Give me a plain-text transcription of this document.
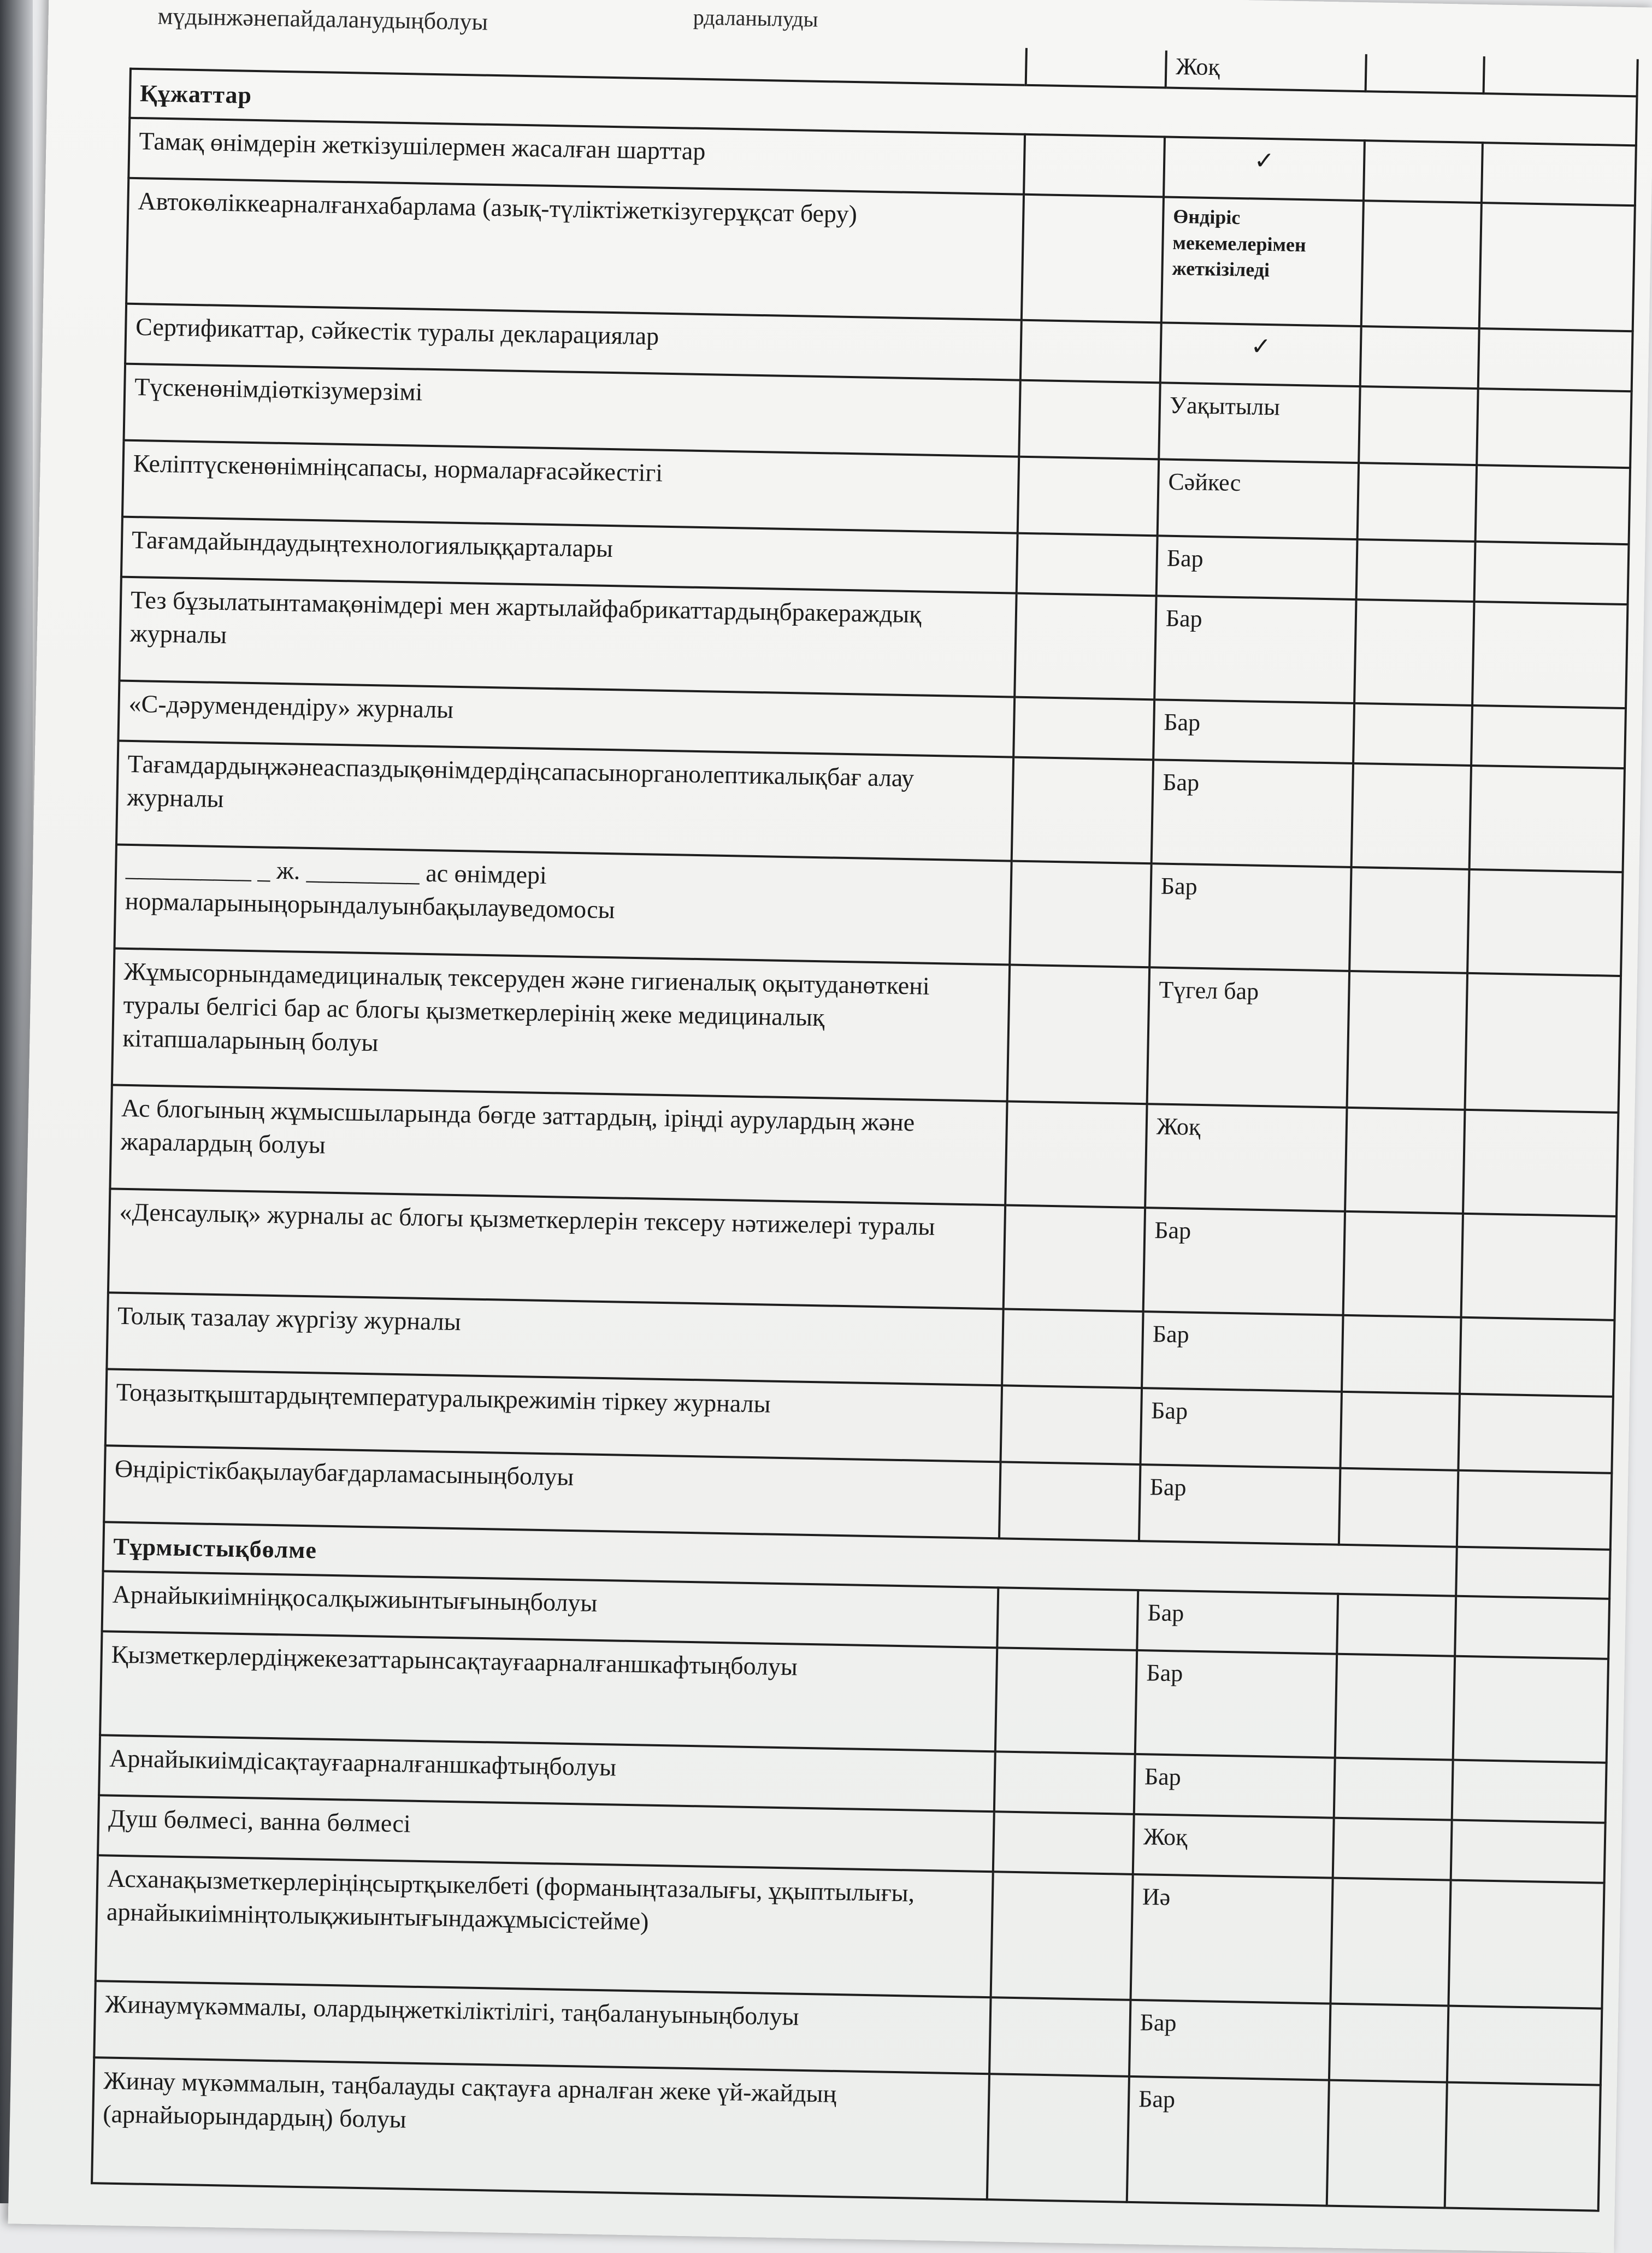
мүдынжәнепайдаланудыңболуы	рдаланылуды
		Жоқ		
Құжаттар				
Тамақ өнімдерін жеткізушілермен жасалған шарттар		✓		
Автокөліккеарналғанхабарлама (азық-түліктіжеткізугерұқсат беру)		Өндіріс мекемелерімен жеткізіледі		
Сертификаттар, сәйкестік туралы декларациялар		✓		
Түскенөнімдіөткізумерзімі		Уақытылы		
Келіптүскенөнімніңсапасы, нормаларғасәйкестігі		Сәйкес		
Тағамдайындаудыңтехнологиялыққарталары		Бар		
Тез бұзылатынтамақөнімдері мен жартылайфабрикаттардыңбракераждық журналы		Бар		
«С-дәрумендендіру» журналы		Бар		
Тағамдардыңжәнеаспаздықөнімдердіңсапасынорганолептикалықбағ алау журналы		Бар		
__________ _ ж. _________ ас өнімдері нормаларыныңорындалуынбақылауведомосы		Бар		
Жұмысорнындамедициналық тексеруден және гигиеналық оқытуданөткені туралы белгісі бар ас блогы қызметкерлерінің жеке медициналық кітапшаларының болуы		Түгел бар		
Ас блогының жұмысшыларында бөгде заттардың, іріңді аурулардың және жаралардың болуы		Жоқ		
«Денсаулық» журналы ас блогы қызметкерлерін тексеру нәтижелері туралы		Бар		
Толық тазалау жүргізу журналы		Бар		
Тоңазытқыштардыңтемпературалықрежимін тіркеу журналы		Бар		
Өндірістікбақылаубағдарламасыныңболуы		Бар		
Тұрмыстықбөлме				
Арнайыкиімніңқосалқыжиынтығыныңболуы		Бар		
Қызметкерлердіңжекезаттарынсақтауғаарналғаншкафтыңболуы		Бар		
Арнайыкиімдісақтауғаарналғаншкафтыңболуы		Бар		
Душ бөлмесі, ванна бөлмесі		Жоқ		
Асханақызметкерлеріңіңсыртқыкелбеті (форманыңтазалығы, ұқыптылығы, арнайыкиімніңтолықжиынтығындажұмысістейме)		Иә		
Жинаумүкәммалы, олардыңжеткіліктілігі, таңбалануыныңболуы		Бар		
Жинау мүкәммалын, таңбалауды сақтауға арналған жеке үй-жайдың (арнайыорындардың) болуы		Бар		
